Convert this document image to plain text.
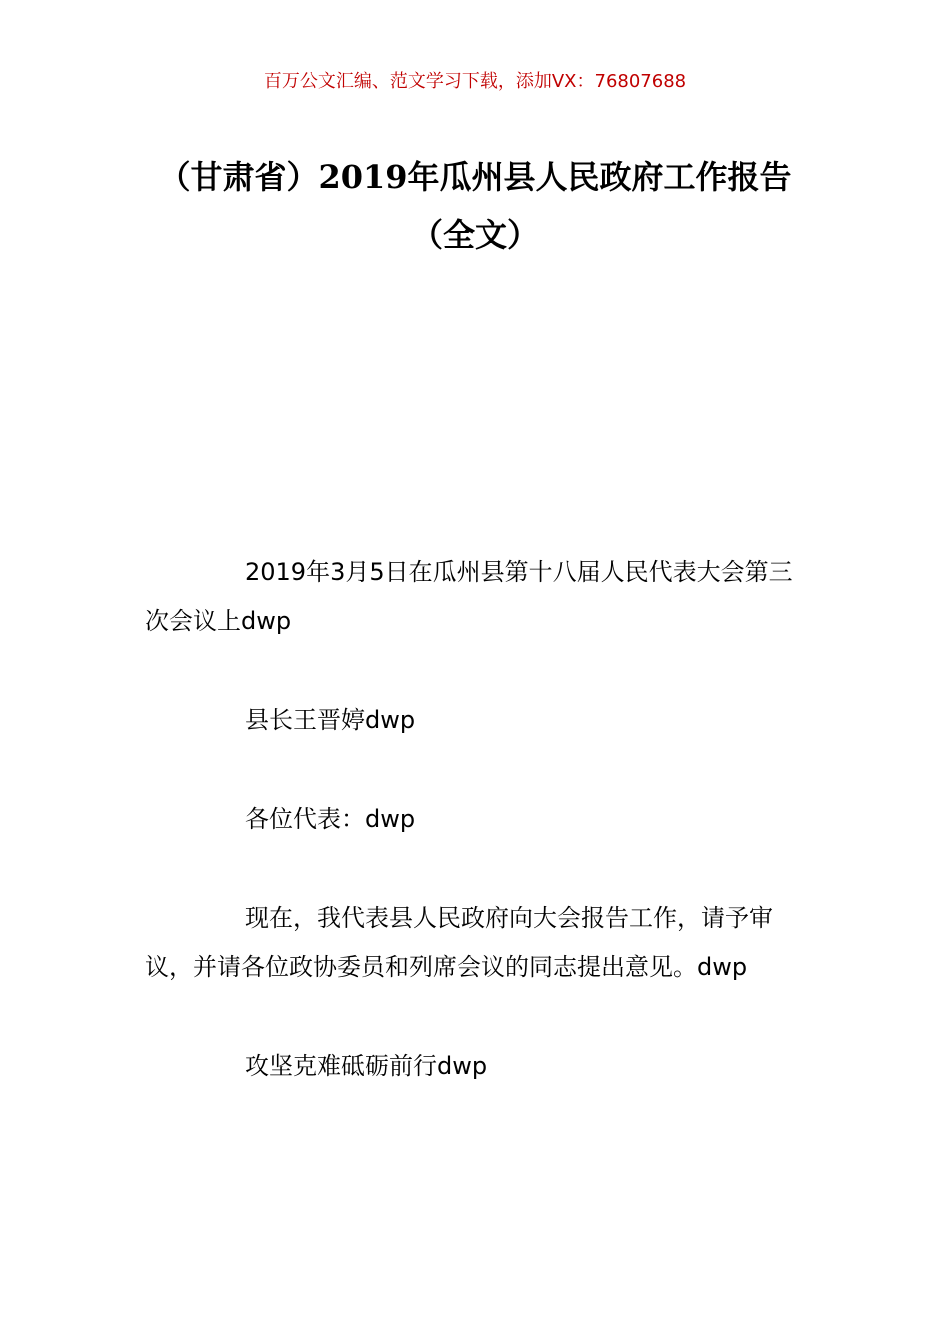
百万公文汇编、范文学习下载，添加VX：76807688
（甘肃省）2019年瓜州县人民政府工作报告（全文）

2019年3月5日在瓜州县第十八届人民代表大会第三次会议上dwp

县长王晋婷dwp

各位代表：dwp

现在，我代表县人民政府向大会报告工作，请予审议，并请各位政协委员和列席会议的同志提出意见。dwp

攻坚克难砥砺前行dwp
